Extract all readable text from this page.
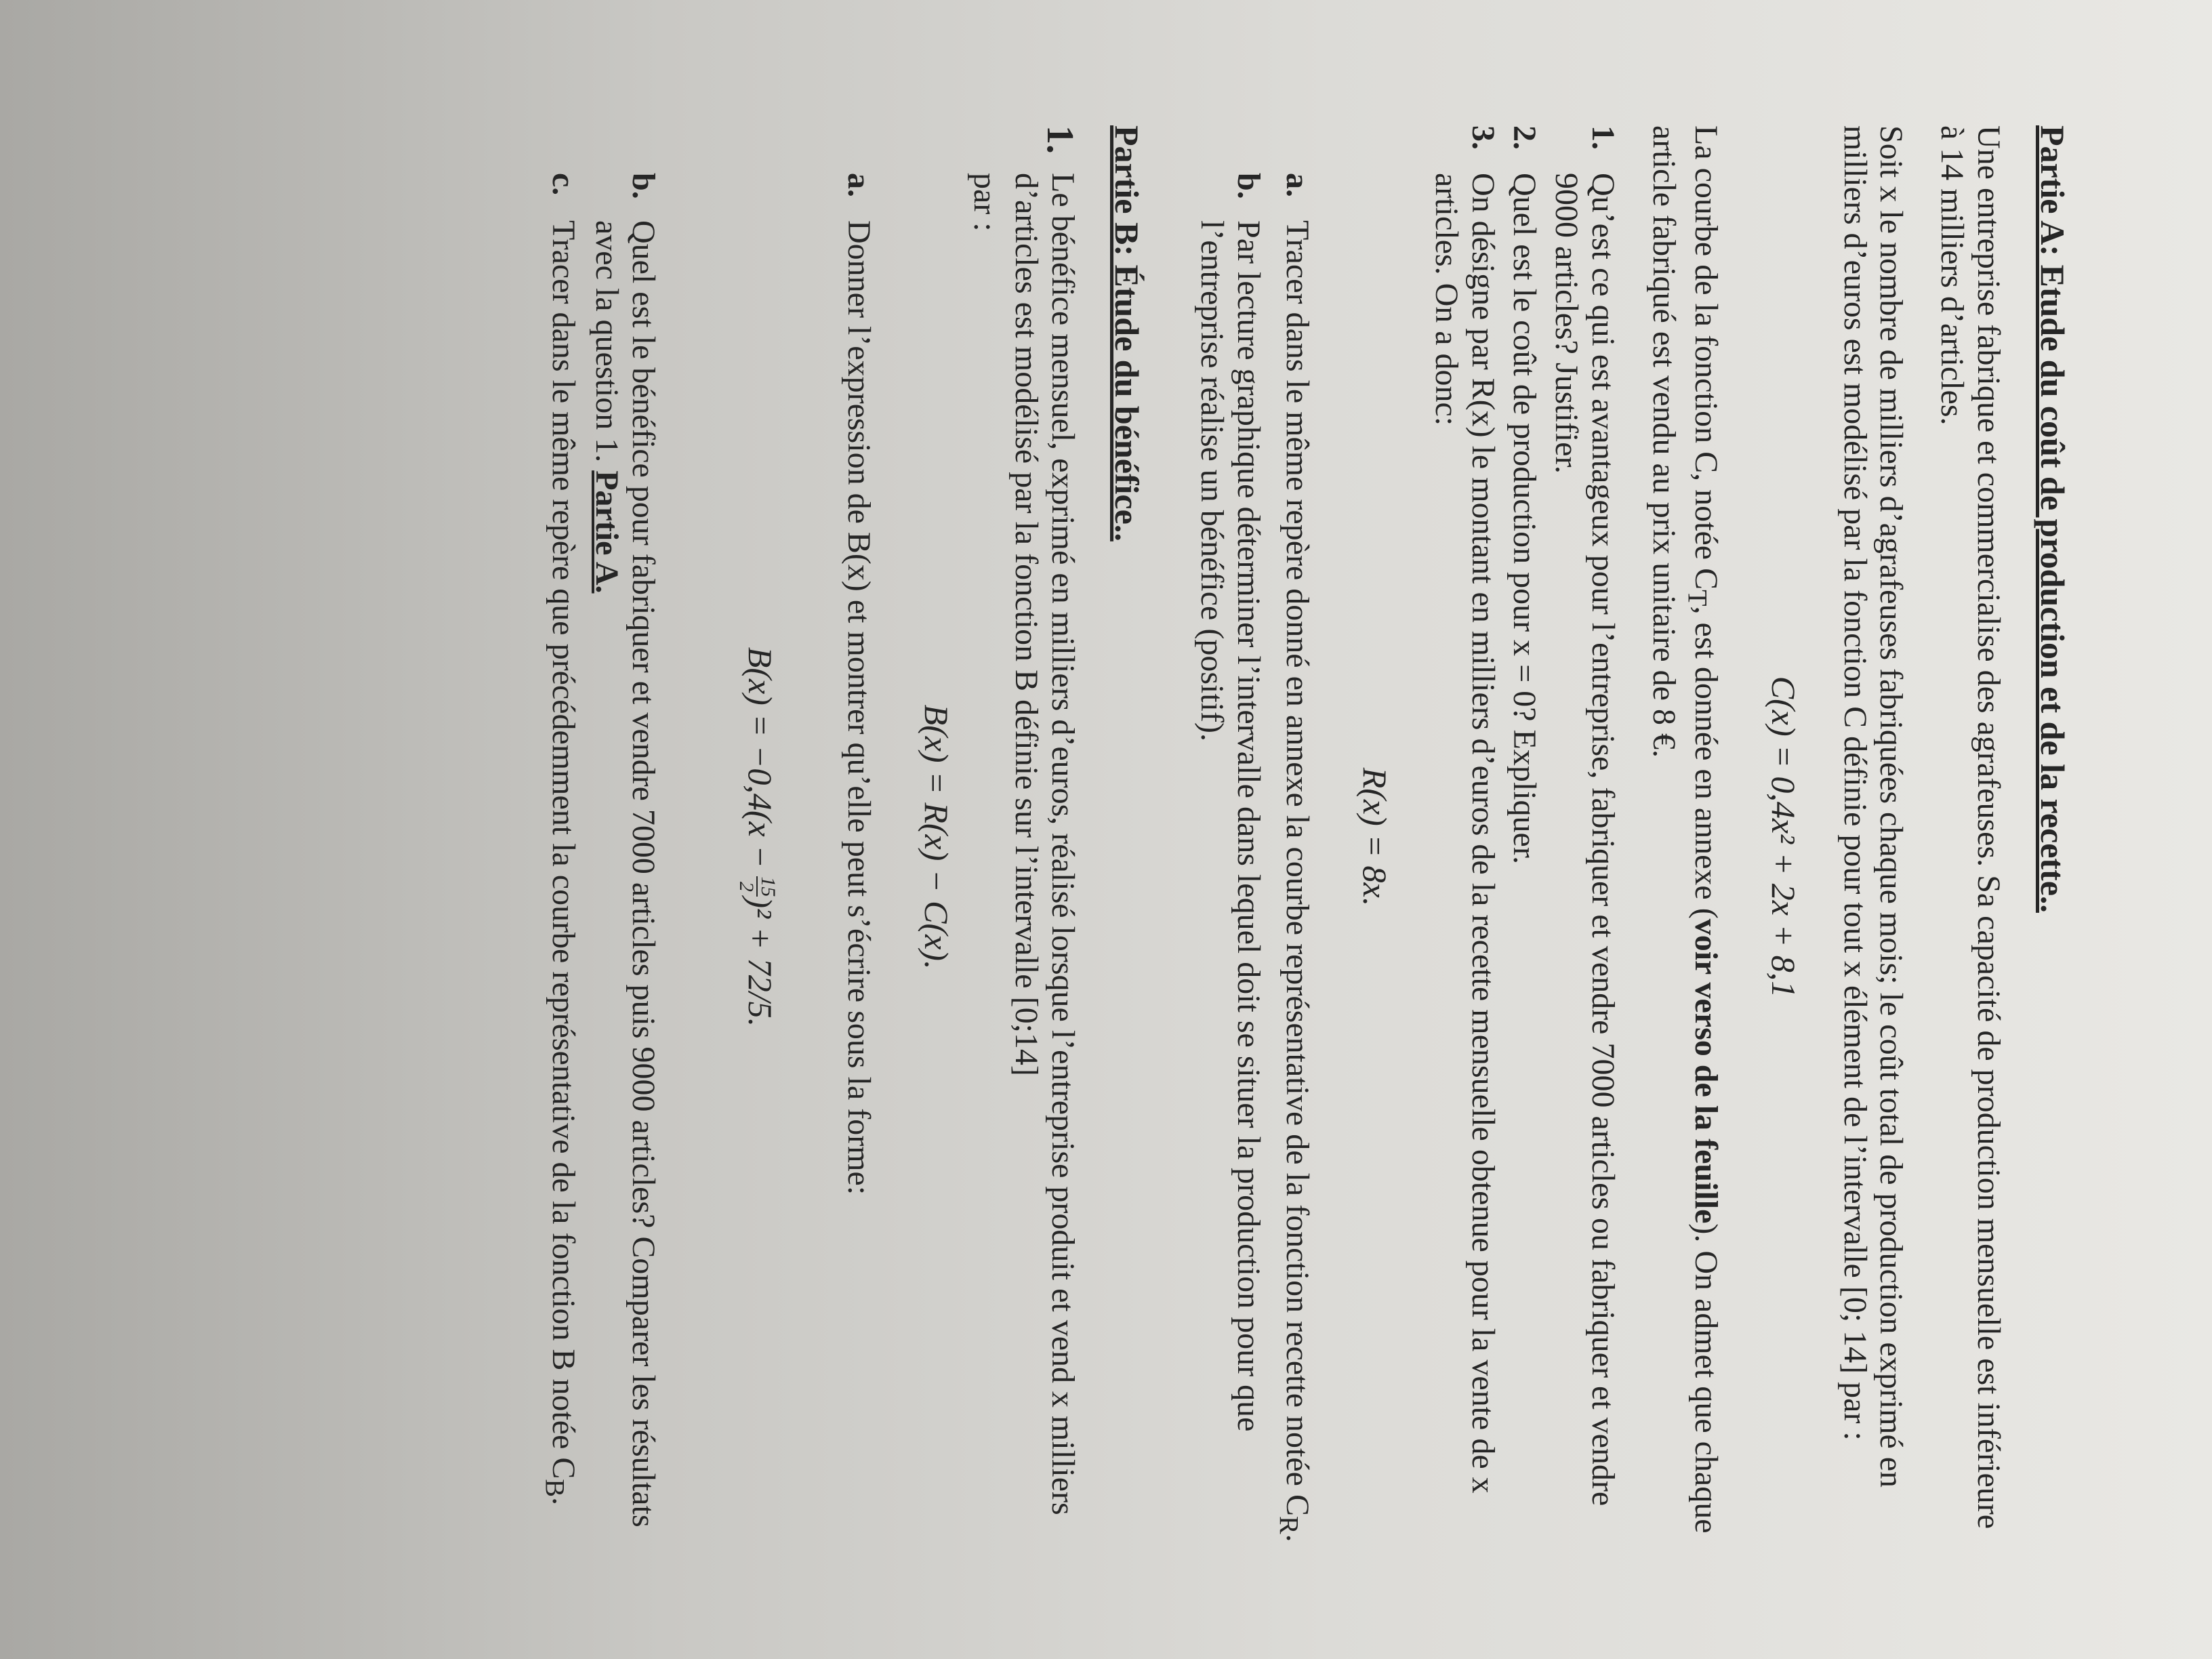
Partie A: Etude du coût de production et de la recette..

Une entreprise fabrique et commercialise des agrafeuses. Sa capacité de production mensuelle est inférieure à 14 milliers d’articles.

Soit x le nombre de milliers d’agrafeuses fabriquées chaque mois; le coût total de production exprimé en milliers d’euros est modélisé par la fonction C définie pour tout x élément de l’intervalle [0; 14] par :

C(x) = 0,4x² + 2x + 8,1

La courbe de la fonction C, notée $C_T$, est donnée en annexe (voir verso de la feuille). On admet que chaque article fabriqué est vendu au prix unitaire de 8 €.

1.
Qu’est ce qui est avantageux pour l’entreprise, fabriquer et vendre 7000 articles ou fabriquer et vendre 9000 articles? Justifier.
2.
Quel est le coût de production pour x = 0? Expliquer.
3.
On désigne par R(x) le montant en milliers d’euros de la recette mensuelle obtenue pour la vente de x articles. On a donc:
R(x) = 8x.
a.
Tracer dans le même repère donné en annexe la courbe représentative de la fonction recette notée $C_R$.
b.
Par lecture graphique déterminer l’intervalle dans lequel doit se situer la production pour que l’entreprise réalise un bénéfice (positif).
Partie B: Étude du bénéfice..
1.
Le bénéfice mensuel, exprimé en milliers d’euros, réalisé lorsque l’entreprise produit et vend x milliers d’articles est modélisé par la fonction B définie sur l’intervalle [0;14]

par :

B(x) = R(x) − C(x).
a.
Donner l’expression de B(x) et montrer qu’elle peut s’écrire sous la forme:
B(x) = −0,4(x −
15
2
)² + 72/5.
b.
Quel est le bénéfice pour fabriquer et vendre 7000 articles puis 9000 articles? Comparer les résultats avec la question 1. Partie A.
c.
Tracer dans le même repère que précédemment la courbe représentative de la fonction B notée $C_B$.
